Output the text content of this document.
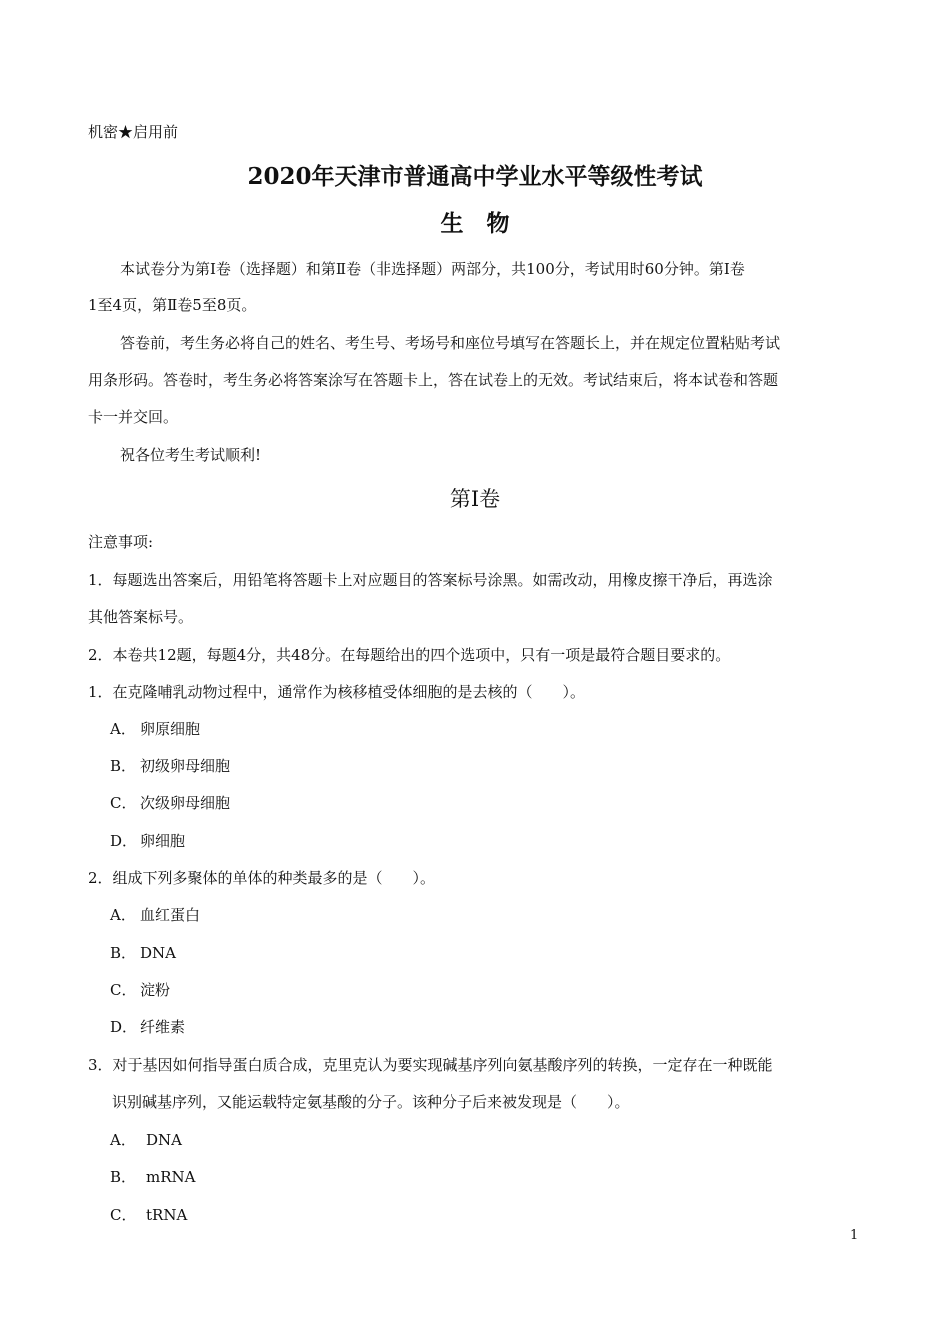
机密★启用前
2020年天津市普通高中学业水平等级性考试
生　物
本试卷分为第Ⅰ卷（选择题）和第Ⅱ卷（非选择题）两部分，共100分，考试用时60分钟。第Ⅰ卷
1至4页，第Ⅱ卷5至8页。
答卷前，考生务必将自己的姓名、考生号、考场号和座位号填写在答题长上，并在规定位置粘贴考试
用条形码。答卷时，考生务必将答案涂写在答题卡上，答在试卷上的无效。考试结束后，将本试卷和答题
卡一并交回。
祝各位考生考试顺利!
第Ⅰ卷
注意事项:
1．每题选出答案后，用铅笔将答题卡上对应题目的答案标号涂黑。如需改动，用橡皮擦干净后，再选涂
其他答案标号。
2．本卷共12题，每题4分，共48分。在每题给出的四个选项中，只有一项是最符合题目要求的。
1．在克隆哺乳动物过程中，通常作为核移植受体细胞的是去核的（　　）。
A． 卵原细胞
B． 初级卵母细胞
C． 次级卵母细胞
D． 卵细胞
2．组成下列多聚体的单体的种类最多的是（　　）。
A． 血红蛋白
B． DNA
C． 淀粉
D． 纤维素
3．对于基因如何指导蛋白质合成，克里克认为要实现碱基序列向氨基酸序列的转换，一定存在一种既能
识别碱基序列，又能运载特定氨基酸的分子。该种分子后来被发现是（　　）。
A． DNA
B． mRNA
C． tRNA
1
